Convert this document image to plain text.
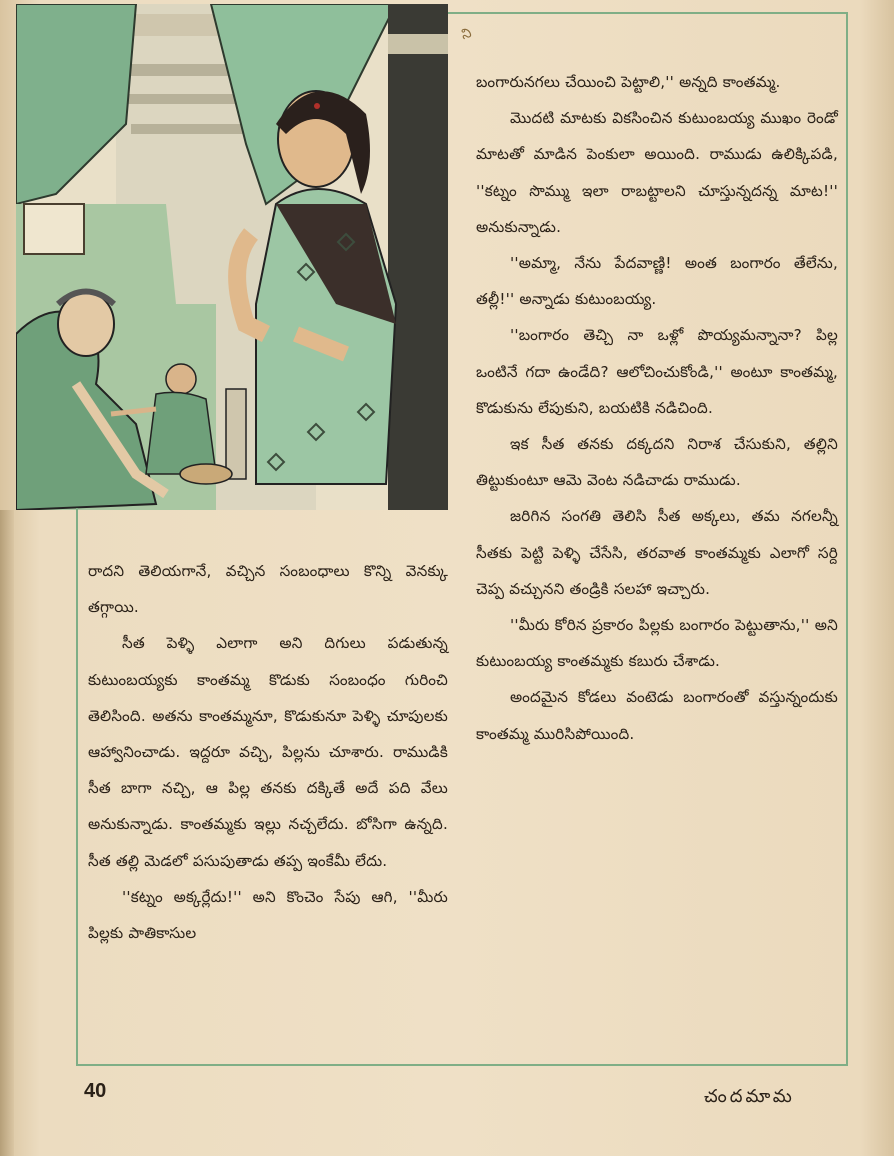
ని

బంగారునగలు చేయించి పెట్టాలి,'' అన్నది కాంతమ్మ.

మొదటి మాటకు వికసించిన కుటుంబయ్య ముఖం రెండో మాటతో మాడిన పెంకులా అయింది. రాముడు ఉలిక్కిపడి, ''కట్నం సొమ్ము ఇలా రాబట్టాలని చూస్తున్నదన్న మాట!'' అనుకున్నాడు.

''అమ్మా, నేను పేదవాణ్ణి! అంత బంగారం తేలేను, తల్లీ!'' అన్నాడు కుటుంబయ్య.

''బంగారం తెచ్చి నా ఒళ్లో పొయ్యమన్నానా? పిల్ల ఒంటినే గదా ఉండేది? ఆలోచించుకోండి,'' అంటూ కాంతమ్మ, కొడుకును లేపుకుని, బయటికి నడిచింది.

ఇక సీత తనకు దక్కదని నిరాశ చేసుకుని, తల్లిని తిట్టుకుంటూ ఆమె వెంట నడిచాడు రాముడు.

జరిగిన సంగతి తెలిసి సీత అక్కలు, తమ నగలన్నీ సీతకు పెట్టి పెళ్ళి చేసేసి, తరవాత కాంతమ్మకు ఎలాగో సర్ది చెప్ప వచ్చునని తండ్రికి సలహా ఇచ్చారు.

''మీరు కోరిన ప్రకారం పిల్లకు బంగారం పెట్టుతాను,'' అని కుటుంబయ్య కాంతమ్మకు కబురు చేశాడు.

అందమైన కోడలు వంటెడు బంగారంతో వస్తున్నందుకు కాంతమ్మ మురిసిపోయింది.

రాదని తెలియగానే, వచ్చిన సంబంధాలు కొన్ని వెనక్కు తగ్గాయి.

సీత పెళ్ళి ఎలాగా అని దిగులు పడుతున్న కుటుంబయ్యకు కాంతమ్మ కొడుకు సంబంధం గురించి తెలిసింది. అతను కాంతమ్మనూ, కొడుకునూ పెళ్ళి చూపులకు ఆహ్వానించాడు. ఇద్దరూ వచ్చి, పిల్లను చూశారు. రాముడికి సీత బాగా నచ్చి, ఆ పిల్ల తనకు దక్కితే అదే పది వేలు అనుకున్నాడు. కాంతమ్మకు ఇల్లు నచ్చలేదు. బోసిగా ఉన్నది. సీత తల్లి మెడలో పసుపుతాడు తప్ప ఇంకేమీ లేదు.

''కట్నం అక్కర్లేదు!'' అని కొంచెం సేపు ఆగి, ''మీరు పిల్లకు పాతికాసుల

40	చందమామ
